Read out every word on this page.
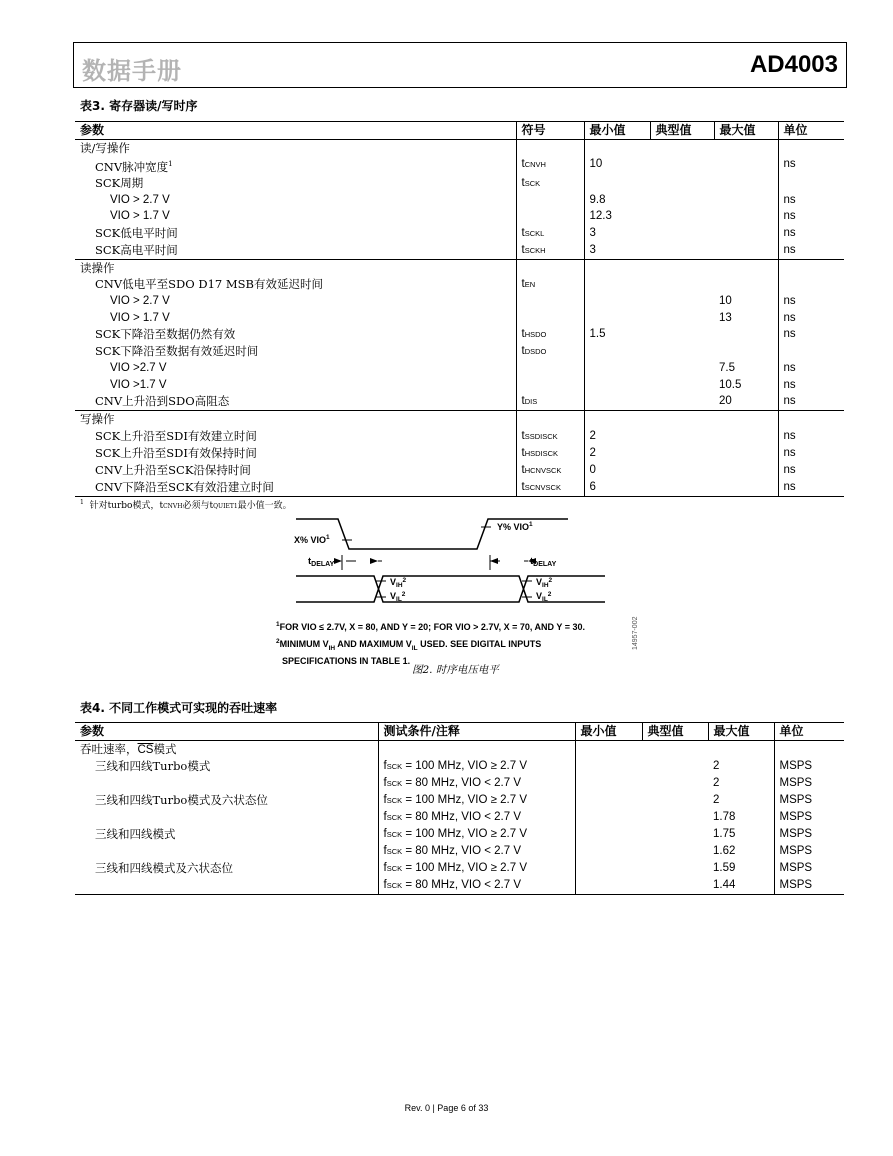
数据手册	AD4003
表3. 寄存器读/写时序
参数	符号	最小值	典型值	最大值	单位
读/写操作					
CNV脉冲宽度$^1$	tCNVH	10			ns
SCK周期	tSCK				
VIO > 2.7 V		9.8			ns
VIO > 1.7 V		12.3			ns
SCK低电平时间	tSCKL	3			ns
SCK高电平时间	tSCKH	3			ns
读操作					
CNV低电平至SDO D17 MSB有效延迟时间	tEN				
VIO > 2.7 V				10	ns
VIO > 1.7 V				13	ns
SCK下降沿至数据仍然有效	tHSDO	1.5			ns
SCK下降沿至数据有效延迟时间	tDSDO				
VIO >2.7 V				7.5	ns
VIO >1.7 V				10.5	ns
CNV上升沿到SDO高阻态	tDIS			20	ns
写操作					
SCK上升沿至SDI有效建立时间	tSSDISCK	2			ns
SCK上升沿至SDI有效保持时间	tHSDISCK	2			ns
CNV上升沿至SCK沿保持时间	tHCNVSCK	0			ns
CNV下降沿至SCK有效沿建立时间	tSCNVSCK	6			ns
$^1$ 针对turbo模式，tCNVH必须与tQUIET1最小值一致。
X% VIO$^1$
Y% VIO$^1$
$t_{DELAY}$	$t_{DELAY}$
$V_{IH}^2$
$V_{IL}^2$
$V_{IH}^2$
$V_{IL}^2$
$^1$FOR VIO ≤ 2.7V, X = 80, AND Y = 20; FOR VIO > 2.7V, X = 70, AND Y = 30.
$^2$MINIMUM $V_{IH}$ AND MAXIMUM $V_{IL}$ USED. SEE DIGITAL INPUTS
SPECIFICATIONS IN TABLE 1.
14957-002
图2. 时序电压电平
表4. 不同工作模式可实现的吞吐速率
参数	测试条件/注释	最小值	典型值	最大值	单位
吞吐速率，$\overline{CS}$模式					
三线和四线Turbo模式	fSCK = 100 MHz, VIO ≥ 2.7 V			2	MSPS
	fSCK = 80 MHz, VIO < 2.7 V			2	MSPS
三线和四线Turbo模式及六状态位	fSCK = 100 MHz, VIO ≥ 2.7 V			2	MSPS
	fSCK = 80 MHz, VIO < 2.7 V			1.78	MSPS
三线和四线模式	fSCK = 100 MHz, VIO ≥ 2.7 V			1.75	MSPS
	fSCK = 80 MHz, VIO < 2.7 V			1.62	MSPS
三线和四线模式及六状态位	fSCK = 100 MHz, VIO ≥ 2.7 V			1.59	MSPS
	fSCK = 80 MHz, VIO < 2.7 V			1.44	MSPS
Rev. 0 | Page 6 of 33
